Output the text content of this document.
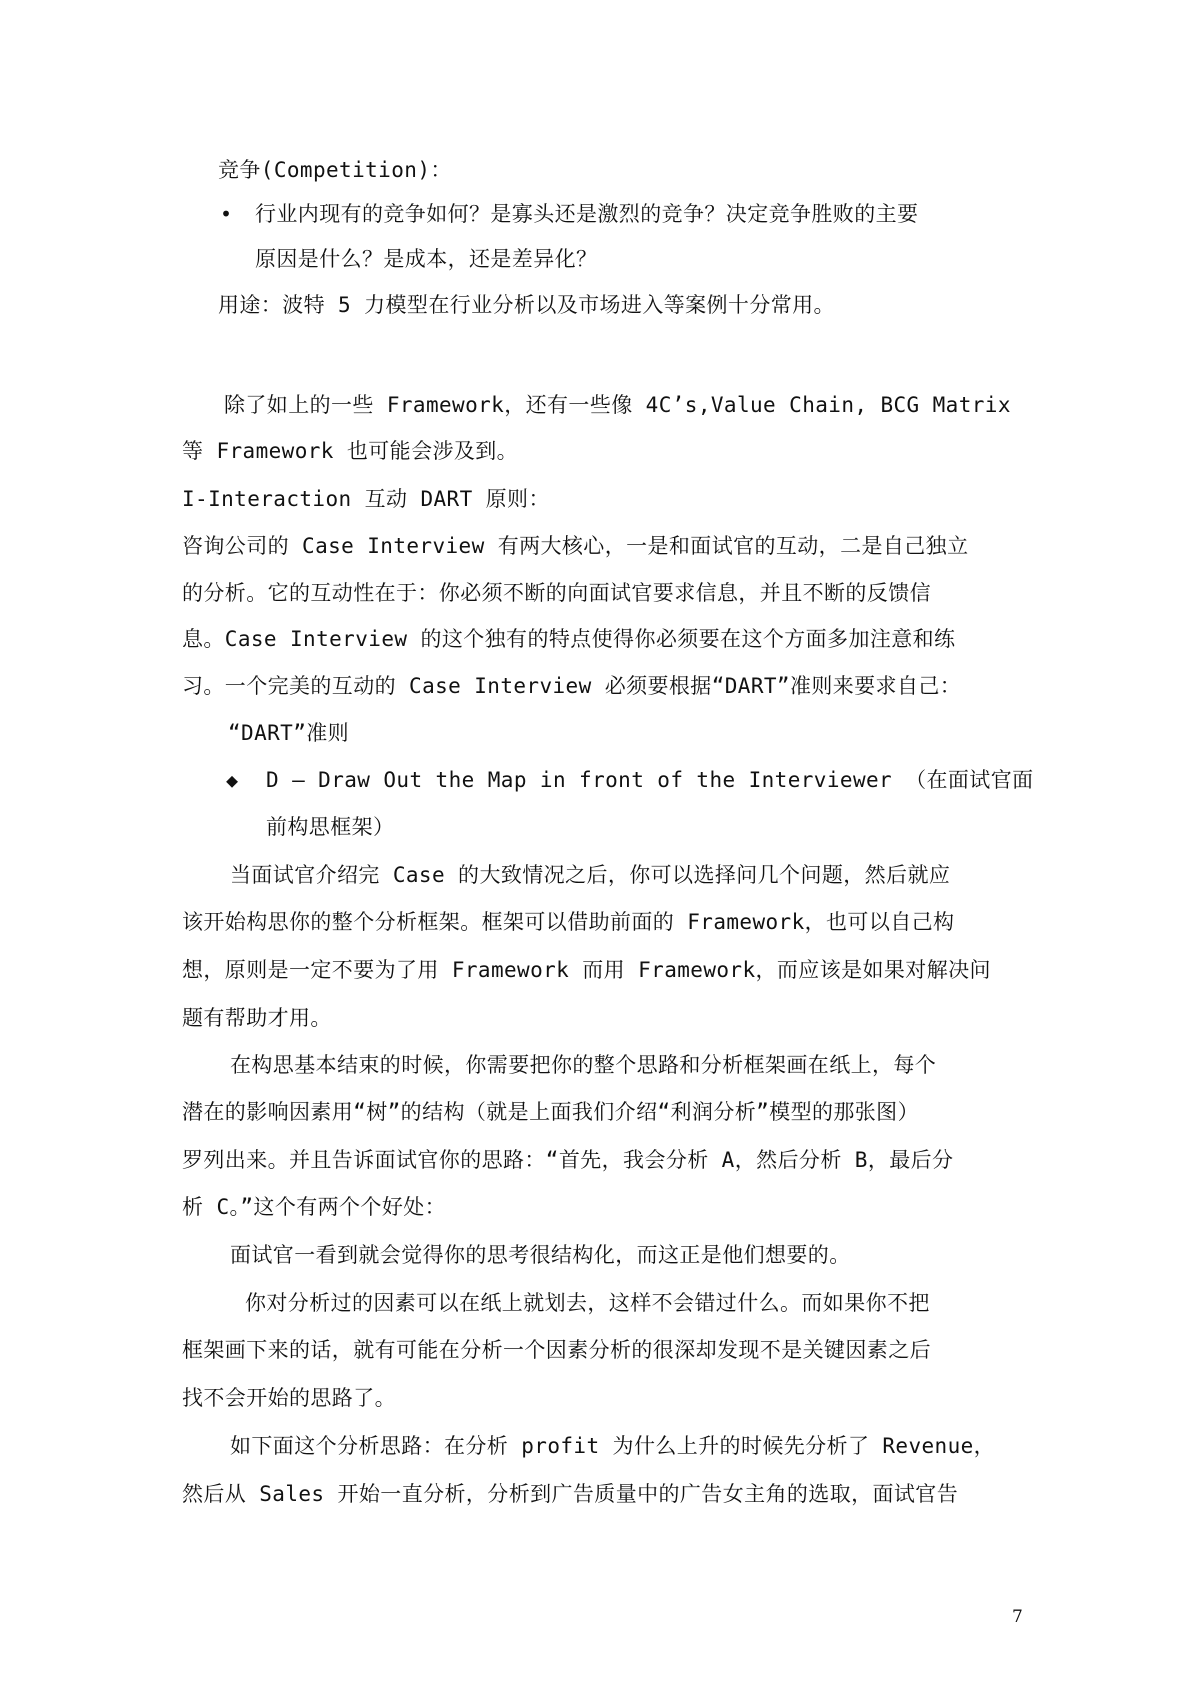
竞争(Competition)：
• 行业内现有的竞争如何？是寡头还是激烈的竞争？决定竞争胜败的主要
原因是什么？是成本，还是差异化？
用途：波特 5 力模型在行业分析以及市场进入等案例十分常用。
除了如上的一些 Framework，还有一些像 4C’s,Value Chain, BCG Matrix
等 Framework 也可能会涉及到。
I-Interaction 互动 DART 原则：
咨询公司的 Case Interview 有两大核心，一是和面试官的互动，二是自己独立
的分析。它的互动性在于：你必须不断的向面试官要求信息，并且不断的反馈信
息。Case Interview 的这个独有的特点使得你必须要在这个方面多加注意和练
习。一个完美的互动的 Case Interview 必须要根据“DART”准则来要求自己：
“DART”准则
◆ D – Draw Out the Map in front of the Interviewer （在面试官面
前构思框架）
当面试官介绍完 Case 的大致情况之后，你可以选择问几个问题，然后就应
该开始构思你的整个分析框架。框架可以借助前面的 Framework，也可以自己构
想，原则是一定不要为了用 Framework 而用 Framework，而应该是如果对解决问
题有帮助才用。
在构思基本结束的时候，你需要把你的整个思路和分析框架画在纸上，每个
潜在的影响因素用“树”的结构（就是上面我们介绍“利润分析”模型的那张图）
罗列出来。并且告诉面试官你的思路：“首先，我会分析 A，然后分析 B，最后分
析 C。”这个有两个个好处：
面试官一看到就会觉得你的思考很结构化，而这正是他们想要的。
你对分析过的因素可以在纸上就划去，这样不会错过什么。而如果你不把
框架画下来的话，就有可能在分析一个因素分析的很深却发现不是关键因素之后
找不会开始的思路了。
如下面这个分析思路：在分析 profit 为什么上升的时候先分析了 Revenue，
然后从 Sales 开始一直分析，分析到广告质量中的广告女主角的选取，面试官告
7
